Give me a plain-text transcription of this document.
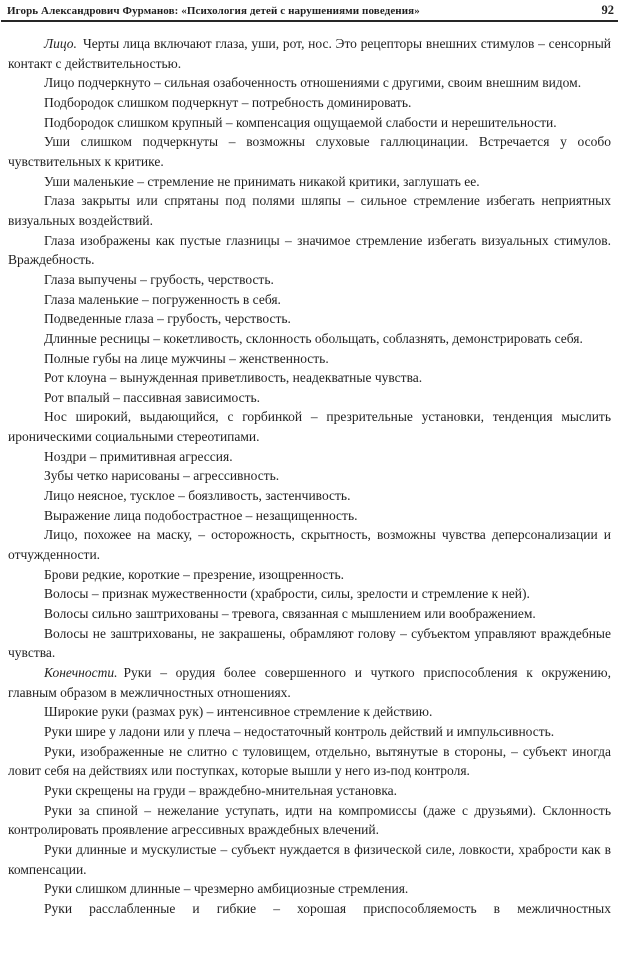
Игорь Александрович Фурманов: «Психология детей с нарушениями поведения»	92

Лицо. Черты лица включают глаза, уши, рот, нос. Это рецепторы внешних стимулов – сенсорный контакт с действительностью.

Лицо подчеркнуто – сильная озабоченность отношениями с другими, своим внешним видом.

Подбородок слишком подчеркнут – потребность доминировать.

Подбородок слишком крупный – компенсация ощущаемой слабости и нерешительности.

Уши слишком подчеркнуты – возможны слуховые галлюцинации. Встречается у особо чувствительных к критике.

Уши маленькие – стремление не принимать никакой критики, заглушать ее.

Глаза закрыты или спрятаны под полями шляпы – сильное стремление избегать неприятных визуальных воздействий.

Глаза изображены как пустые глазницы – значимое стремление избегать визуальных стимулов. Враждебность.

Глаза выпучены – грубость, черствость.

Глаза маленькие – погруженность в себя.

Подведенные глаза – грубость, черствость.

Длинные ресницы – кокетливость, склонность обольщать, соблазнять, демонстрировать себя.

Полные губы на лице мужчины – женственность.

Рот клоуна – вынужденная приветливость, неадекватные чувства.

Рот впалый – пассивная зависимость.

Нос широкий, выдающийся, с горбинкой – презрительные установки, тенденция мыслить ироническими социальными стереотипами.

Ноздри – примитивная агрессия.

Зубы четко нарисованы – агрессивность.

Лицо неясное, тусклое – боязливость, застенчивость.

Выражение лица подобострастное – незащищенность.

Лицо, похожее на маску, – осторожность, скрытность, возможны чувства деперсонализации и отчужденности.

Брови редкие, короткие – презрение, изощренность.

Волосы – признак мужественности (храбрости, силы, зрелости и стремление к ней).

Волосы сильно заштрихованы – тревога, связанная с мышлением или воображением.

Волосы не заштрихованы, не закрашены, обрамляют голову – субъектом управляют враждебные чувства.

Конечности. Руки – орудия более совершенного и чуткого приспособления к окружению, главным образом в межличностных отношениях.

Широкие руки (размах рук) – интенсивное стремление к действию.

Руки шире у ладони или у плеча – недостаточный контроль действий и импульсивность.

Руки, изображенные не слитно с туловищем, отдельно, вытянутые в стороны, – субъект иногда ловит себя на действиях или поступках, которые вышли у него из-под контроля.

Руки скрещены на груди – враждебно-мнительная установка.

Руки за спиной – нежелание уступать, идти на компромиссы (даже с друзьями). Склонность контролировать проявление агрессивных враждебных влечений.

Руки длинные и мускулистые – субъект нуждается в физической силе, ловкости, храбрости как в компенсации.

Руки слишком длинные – чрезмерно амбициозные стремления.

Руки расслабленные и гибкие – хорошая приспособляемость в межличностных
